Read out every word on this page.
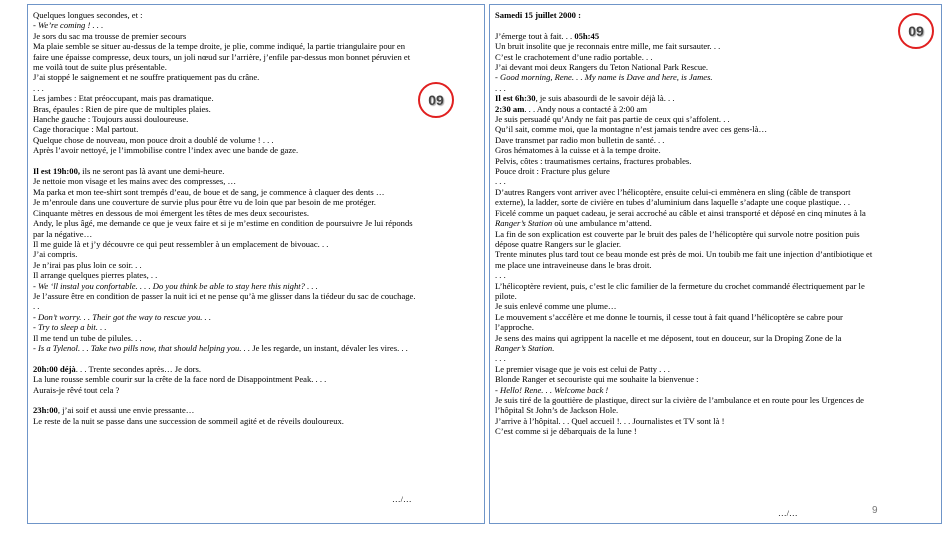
Quelques longues secondes, et :
- We’re coming ! . . .
Je sors du sac ma trousse de premier secours
Ma plaie semble se situer au-dessus de la tempe droite, je plie, comme indiqué, la partie triangulaire pour en
faire une épaisse compresse, deux tours, un joli nœud sur l’arrière, j’enfile par-dessus mon bonnet péruvien et
me voilà tout de suite plus présentable.
J’ai stoppé le saignement et ne souffre pratiquement pas du crâne.
. . .
Les jambes : Etat préoccupant, mais pas dramatique.
Bras, épaules : Rien de pire que de multiples plaies.
Hanche gauche : Toujours aussi douloureuse.
Cage thoracique : Mal partout.
Quelque chose de nouveau, mon pouce droit a doublé de volume ! . . .
Après l’avoir nettoyé, je l’immobilise contre l’index avec une bande de gaze.
Il est 19h:00, ils ne seront pas là avant une demi-heure.
Je nettoie mon visage et les mains avec des compresses, …
Ma parka et mon tee-shirt sont trempés d’eau, de boue et de sang, je commence à claquer des dents …
Je m’enroule dans une couverture de survie plus pour être vu de loin que par besoin de me protéger.
Cinquante mètres en dessous de moi émergent les têtes de mes deux secouristes.
Andy, le plus âgé, me demande ce que je veux faire et si je m’estime en condition de poursuivre Je lui réponds
par la négative…
Il me guide là et j’y découvre ce qui peut ressembler à un emplacement de bivouac. . .
J’ai compris.
Je n’irai pas plus loin ce soir. . .
Il arrange quelques pierres plates, . .
- We ‘ll instal you confortable. . . . Do you think be able to stay here this night? . . .
Je l’assure être en condition de passer la nuit ici et ne pense qu’à me glisser dans la tiédeur du sac de couchage.
. .
- Don’t worry. . . Their got the way to rescue you. . .
- Try to sleep a bit. . .
Il me tend un tube de pilules. . .
- Is a Tylenol. . . Take two pills now, that should helping you. . . Je les regarde, un instant, dévaler les vires. . .
20h:00 déjà. . . Trente secondes après… Je dors.
La lune rousse semble courir sur la crête de la face nord de Disappointment Peak. . . .
Aurais-je rêvé tout cela ?
23h:00, j’ai soif et aussi une envie pressante…
Le reste de la nuit se passe dans une succession de sommeil agité et de réveils douloureux.
09
…/…
Samedi 15 juillet 2000 :
J’émerge tout à fait. . . 05h:45
Un bruit insolite que je reconnais entre mille, me fait sursauter. . .
C’est le crachotement d’une radio portable. . .
J’ai devant moi deux Rangers du Teton National Park Rescue.
- Good morning, Rene. . . My name is Dave and here, is James.
. . .
Il est 6h:30, je suis abasourdi de le savoir déjà là. . .
2:30 am. . . Andy nous a contacté à 2:00 am
Je suis persuadé qu’Andy ne fait pas partie de ceux qui s’affolent. . .
Qu’il sait, comme moi, que la montagne n’est jamais tendre avec ces gens-là…
Dave transmet par radio mon bulletin de santé. . .
Gros hématomes à la cuisse et à la tempe droite.
Pelvis, côtes : traumatismes certains, fractures probables.
Pouce droit : Fracture plus gelure
. . .
D’autres Rangers vont arriver avec l’hélicoptère, ensuite celui-ci emmènera en sling (câble de transport
externe), la ladder, sorte de civière en tubes d’aluminium dans laquelle s’adapte une coque plastique. . .
Ficelé comme un paquet cadeau, je serai accroché au câble et ainsi transporté et déposé en cinq minutes à la
Ranger’s Station où une ambulance m’attend.
La fin de son explication est couverte par le bruit des pales de l’hélicoptère qui survole notre position puis
dépose quatre Rangers sur le glacier.
Trente minutes plus tard tout ce beau monde est près de moi. Un toubib me fait une injection d’antibiotique et
me place une intraveineuse dans le bras droit.
. . .
L’hélicoptère revient, puis, c’est le clic familier de la fermeture du crochet commandé électriquement par le
pilote.
Je suis enlevé comme une plume…
Le mouvement s’accélère et me donne le tournis, il cesse tout à fait quand l’hélicoptère se cabre pour
l’approche.
Je sens des mains qui agrippent la nacelle et me déposent, tout en douceur, sur la Droping Zone de la
Ranger’s Station.
. . .
Le premier visage que je vois est celui de Patty . . .
Blonde Ranger et secouriste qui me souhaite la bienvenue :
- Hello! Rene. . . Welcome back !
Je suis tiré de la gouttière de plastique, direct sur la civière de l’ambulance et en route pour les Urgences de
l’hôpital St John’s de Jackson Hole.
J’arrive à l’hôpital. . . Quel accueil !. . . Journalistes et TV sont là !
C’est comme si je débarquais de la lune !
09
…/…	9
